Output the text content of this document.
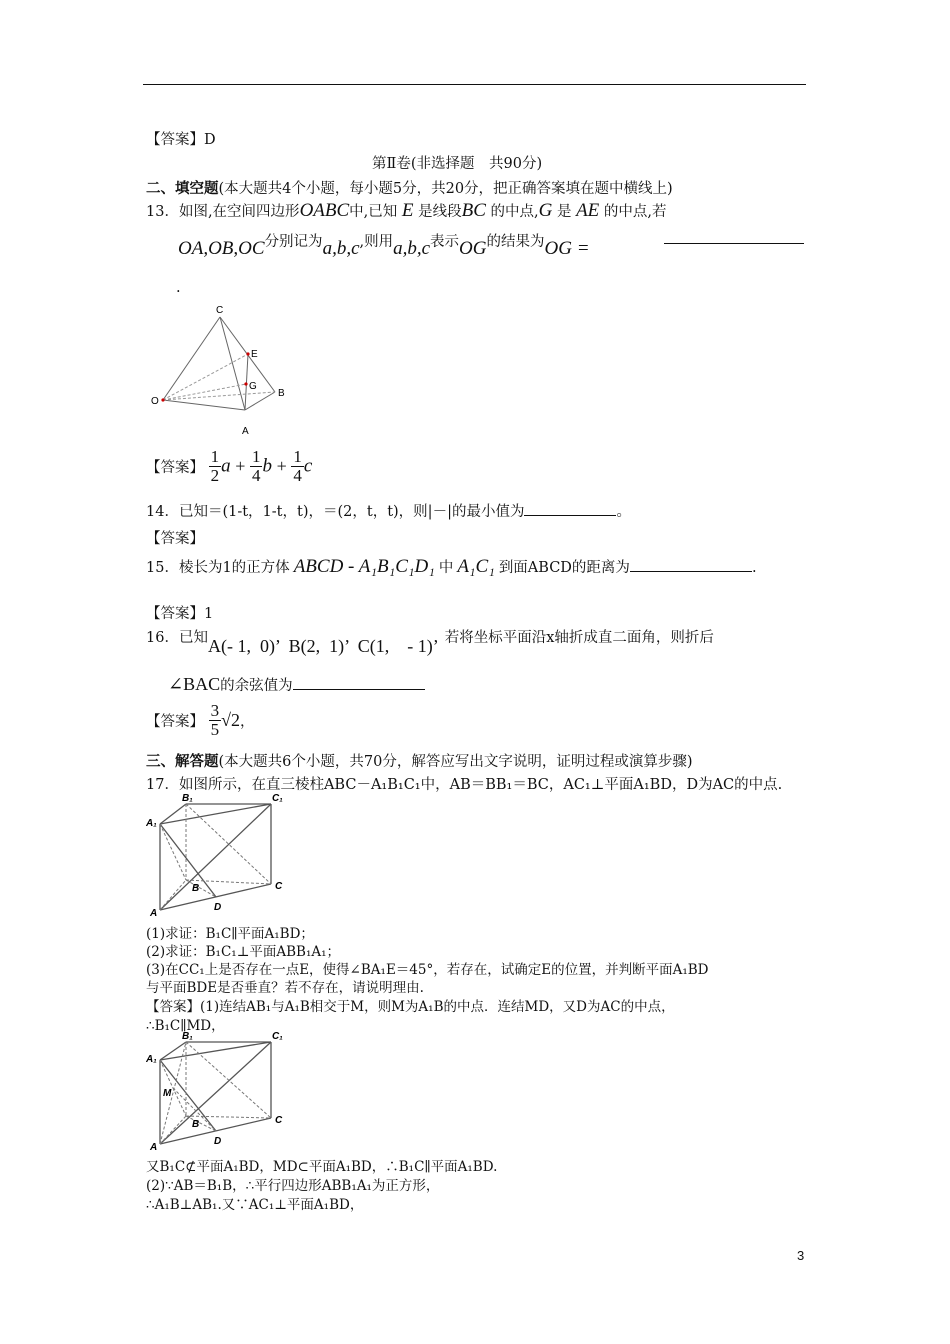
【答案】D
第Ⅱ卷(非选择题　共90分)
二、填空题(本大题共4个小题，每小题5分，共20分，把正确答案填在题中横线上)
13．如图,在空间四边形OABC中,已知 E 是线段BC 的中点,G 是 AE 的中点,若
OA,OB,OC分别记为a,b,c,则用a,b,c表示OG的结果为OG =
.
C
E
G
B
O
A
【答案】 $\frac{1}{2}$ $a + \frac{1}{4}$ $b + \frac{1}{4}$ c
14．已知＝(1-t，1-t，t)，＝(2，t，t)，则|－|的最小值为	。
【答案】
15．棱长为1的正方体 ABCD - A₁B₁C₁D₁ 中 A₁C₁ 到面ABCD的距离为	.
【答案】1
16．已知A(- 1,  0)’  B(2,  1)’  C(1,    - 1)’ 若将坐标平面沿x轴折成直二面角，则折后
∠BAC的余弦值为
【答案】 $\frac{3}{5} √2$，
三、解答题(本大题共6个小题，共70分，解答应写出文字说明，证明过程或演算步骤)
17．如图所示，在直三棱柱ABC－A₁B₁C₁中，AB＝BB₁＝BC，AC₁⊥平面A₁BD，D为AC的中点.
B₁	C₁
A₁
B	C
A
D
(1)求证：B₁C∥平面A₁BD；
(2)求证：B₁C₁⊥平面ABB₁A₁；
(3)在CC₁上是否存在一点E，使得∠BA₁E＝45°，若存在，试确定E的位置，并判断平面A₁BD
与平面BDE是否垂直？若不存在，请说明理由.
【答案】(1)连结AB₁与A₁B相交于M，则M为A₁B的中点．连结MD，又D为AC的中点，
∴B₁C∥MD，
B₁	C₁
A₁
M
B	C
A
D
又B₁C⊄平面A₁BD，MD⊂平面A₁BD，∴B₁C∥平面A₁BD.
(2)∵AB＝B₁B，∴平行四边形ABB₁A₁为正方形，
∴A₁B⊥AB₁.又∵AC₁⊥平面A₁BD，
3
